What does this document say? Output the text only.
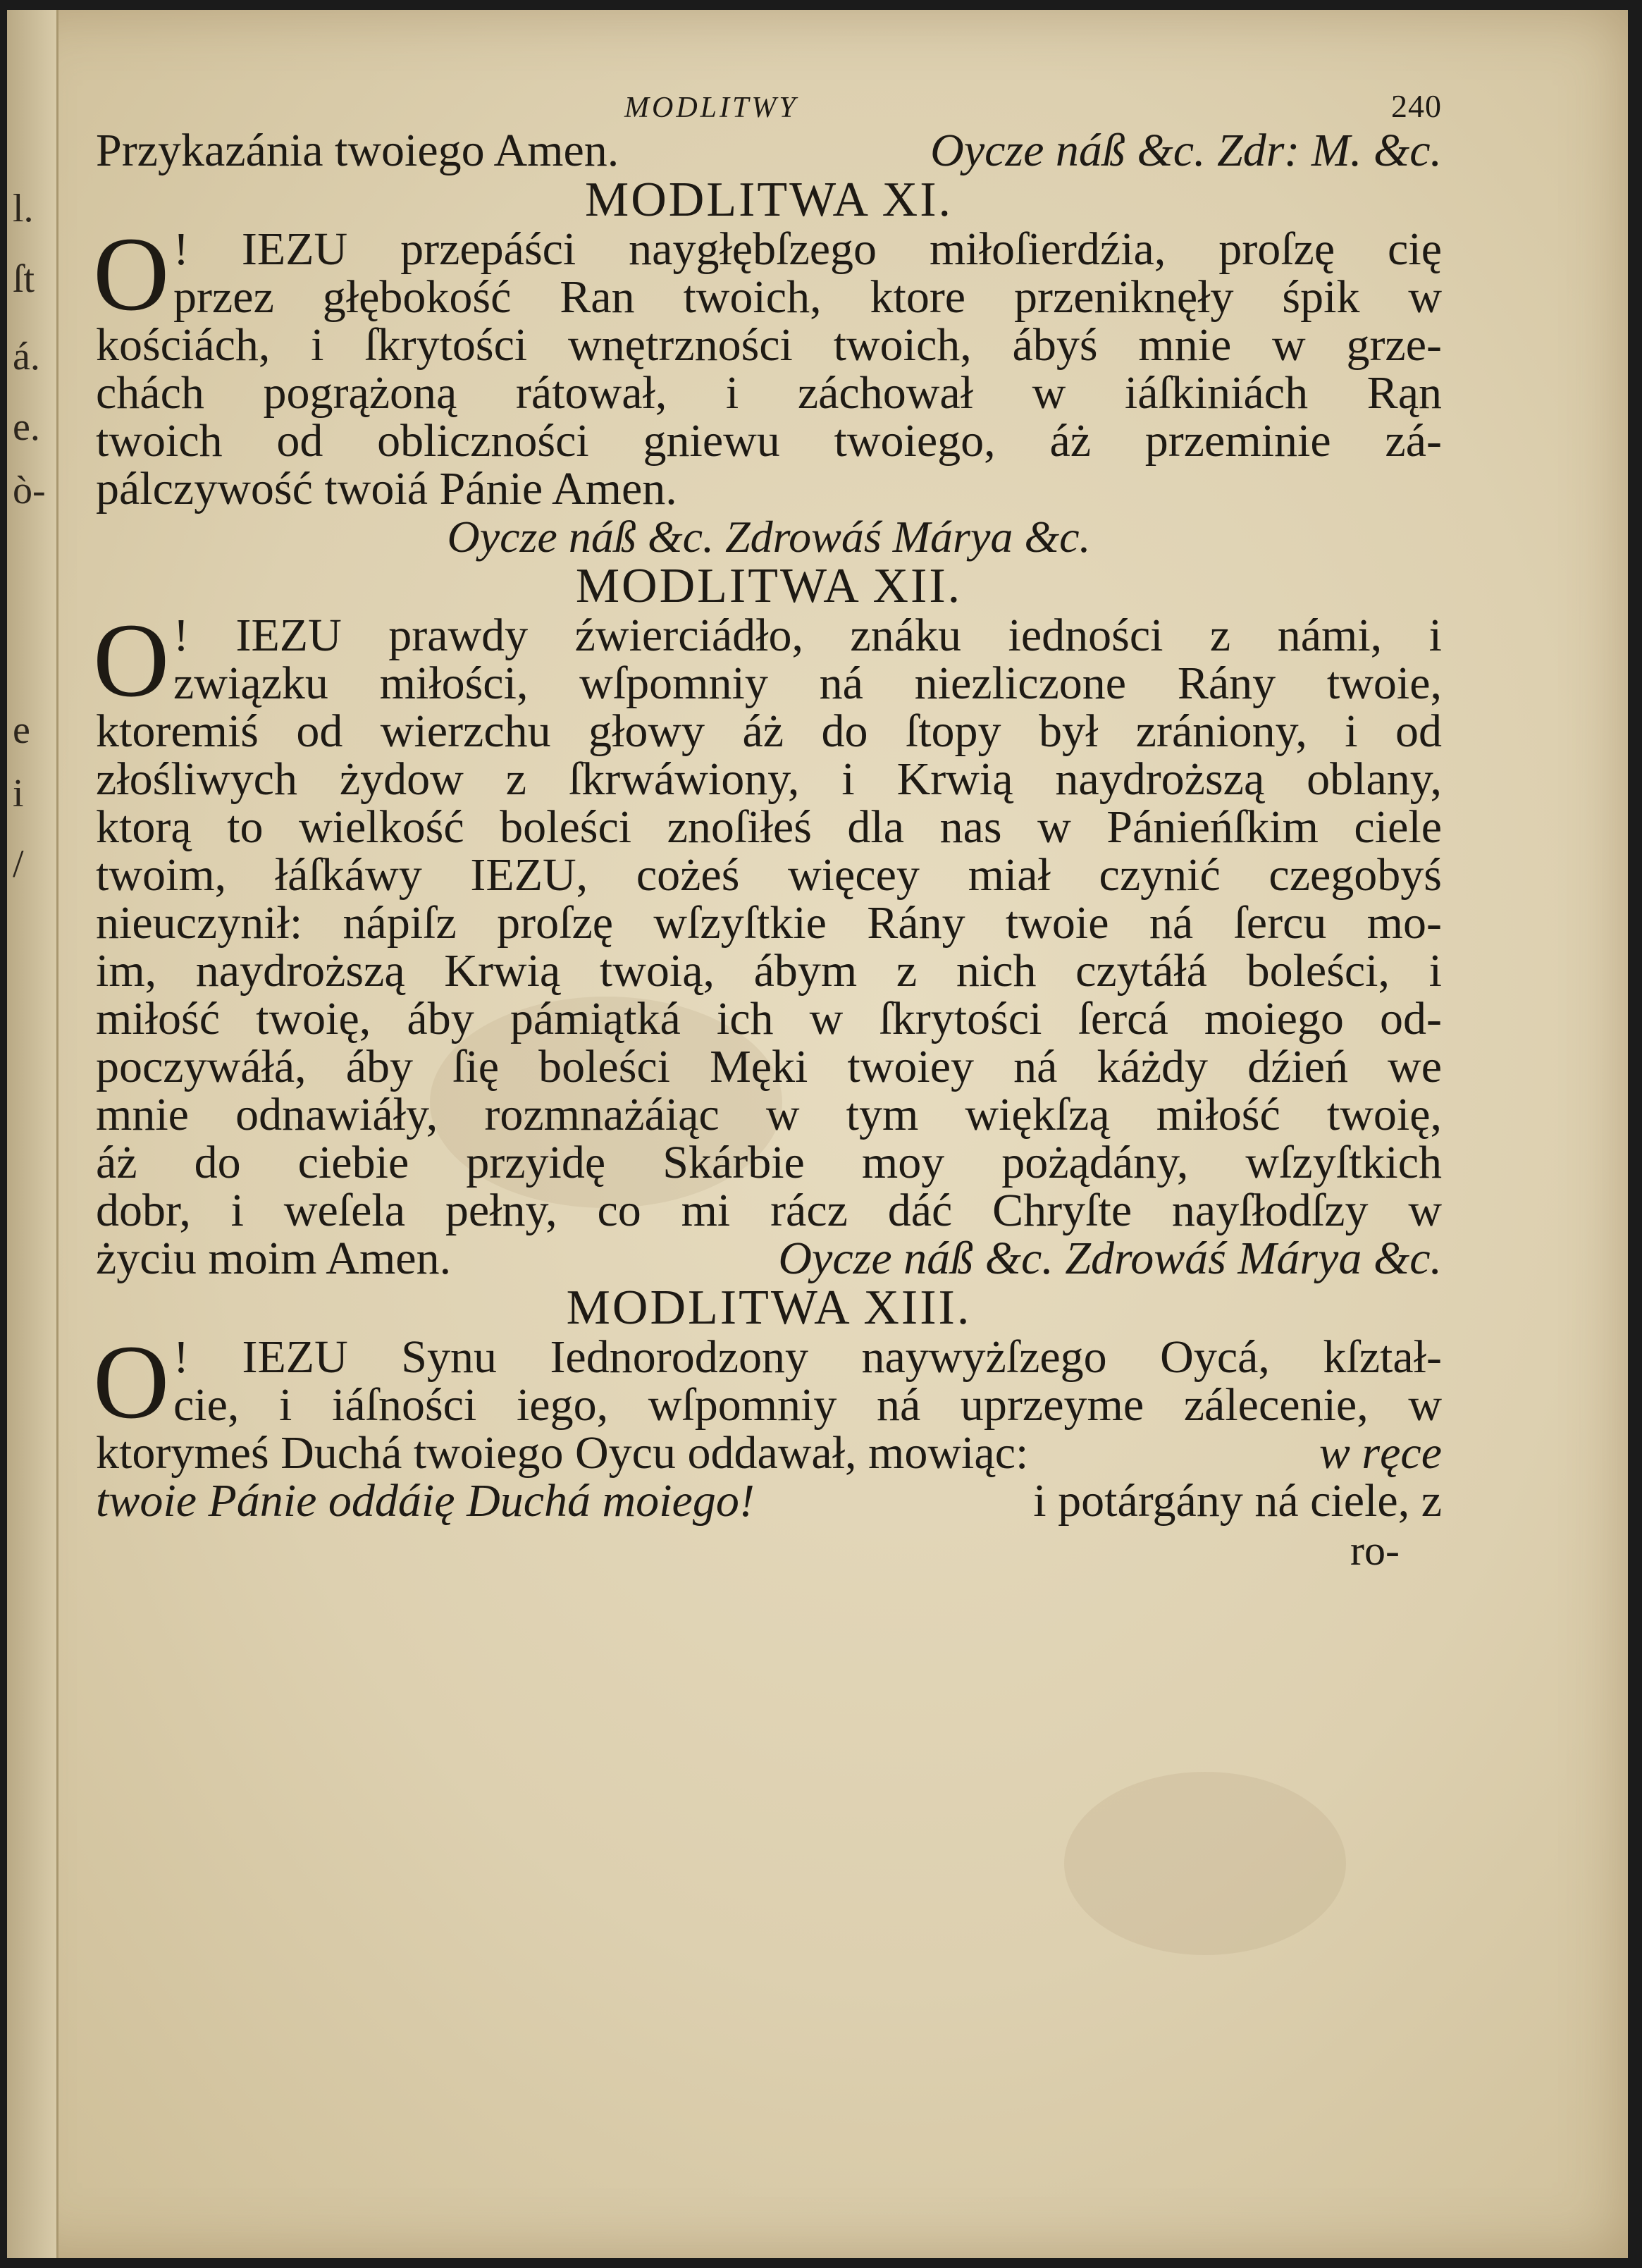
l.
ſt
á.
e.
ò-
e
i
/
MODLITWY	240
Przykazánia twoiego Amen.	Oycze náß &c. Zdr: M. &c.
MODLITWA XI.
O ! IEZU przepáści naygłębſzego miłoſierdźia, proſzę cię
przez głębokość Ran twoich, ktore przeniknęły śpik w
kościách, i ſkrytości wnętrzności twoich, ábyś mnie w grze-
chách pogrążoną rátował, i záchował w iáſkiniách Rąn
twoich od obliczności gniewu twoiego, áż przeminie zá-
pálczywość twoiá Pánie Amen.
Oycze náß &c. Zdrowáś Márya &c.
MODLITWA XII.
O ! IEZU prawdy źwierciádło, znáku iedności z námi, i
związku miłości, wſpomniy ná niezliczone Rány twoie,
ktoremiś od wierzchu głowy áż do ſtopy był zrániony, i od
złośliwych żydow z ſkrwáwiony, i Krwią naydroższą oblany,
ktorą to wielkość boleści znoſiłeś dla nas w Pánieńſkim ciele
twoim, łáſkáwy IEZU, cożeś więcey miał czynić czegobyś
nieuczynił: nápiſz proſzę wſzyſtkie Rány twoie ná ſercu mo-
im, naydroższą Krwią twoią, ábym z nich czytáłá boleści, i
miłość twoię, áby pámiątká ich w ſkrytości ſercá moiego od-
poczywáłá, áby ſię boleści Męki twoiey ná káżdy dźień we
mnie odnawiáły, rozmnażáiąc w tym więkſzą miłość twoię,
áż do ciebie przyidę Skárbie moy pożądány, wſzyſtkich
dobr, i weſela pełny, co mi rácz dáć Chryſte nayſłodſzy w
życiu moim Amen.	Oycze náß &c. Zdrowáś Márya &c.
MODLITWA XIII.
O ! IEZU Synu Iednorodzony naywyżſzego Oycá, kſztał-
cie, i iáſności iego, wſpomniy ná uprzeyme zálecenie, w
ktorymeś Duchá twoiego Oycu oddawał, mowiąc:	w ręce
twoie Pánie oddáię Duchá moiego!	i potárgány ná ciele, z
ro-
